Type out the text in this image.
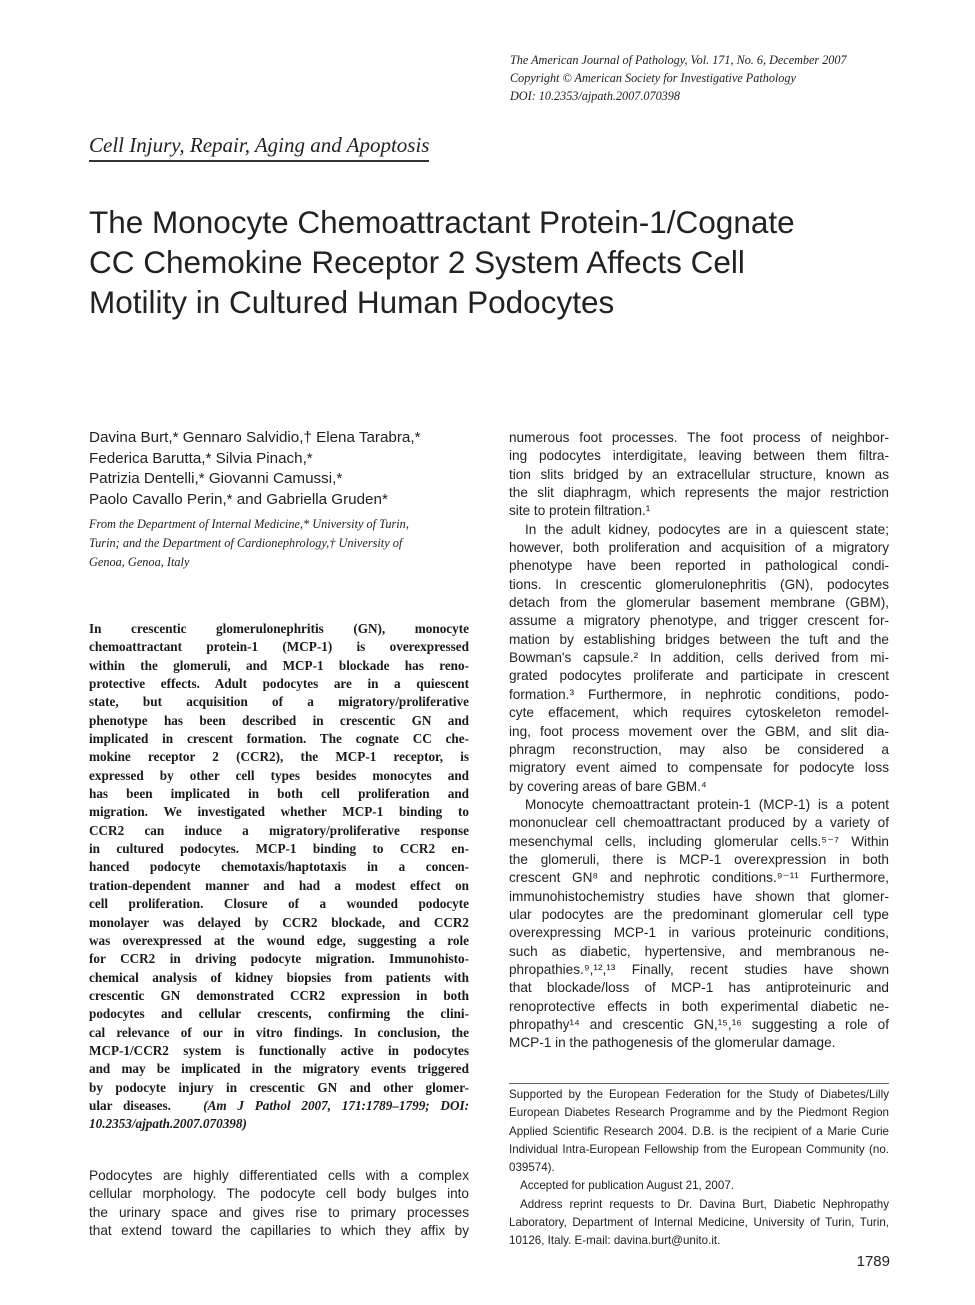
The American Journal of Pathology, Vol. 171, No. 6, December 2007
Copyright © American Society for Investigative Pathology
DOI: 10.2353/ajpath.2007.070398
Cell Injury, Repair, Aging and Apoptosis
The Monocyte Chemoattractant Protein-1/Cognate
CC Chemokine Receptor 2 System Affects Cell
Motility in Cultured Human Podocytes
Davina Burt,* Gennaro Salvidio,† Elena Tarabra,*
Federica Barutta,* Silvia Pinach,*
Patrizia Dentelli,* Giovanni Camussi,*
Paolo Cavallo Perin,* and Gabriella Gruden*
From the Department of Internal Medicine,* University of Turin,
Turin; and the Department of Cardionephrology,† University of
Genoa, Genoa, Italy
In crescentic glomerulonephritis (GN), monocyte
chemoattractant protein-1 (MCP-1) is overexpressed
within the glomeruli, and MCP-1 blockade has reno-
protective effects. Adult podocytes are in a quiescent
state, but acquisition of a migratory/proliferative
phenotype has been described in crescentic GN and
implicated in crescent formation. The cognate CC che-
mokine receptor 2 (CCR2), the MCP-1 receptor, is
expressed by other cell types besides monocytes and
has been implicated in both cell proliferation and
migration. We investigated whether MCP-1 binding to
CCR2 can induce a migratory/proliferative response
in cultured podocytes. MCP-1 binding to CCR2 en-
hanced podocyte chemotaxis/haptotaxis in a concen-
tration-dependent manner and had a modest effect on
cell proliferation. Closure of a wounded podocyte
monolayer was delayed by CCR2 blockade, and CCR2
was overexpressed at the wound edge, suggesting a role
for CCR2 in driving podocyte migration. Immunohisto-
chemical analysis of kidney biopsies from patients with
crescentic GN demonstrated CCR2 expression in both
podocytes and cellular crescents, confirming the clini-
cal relevance of our in vitro findings. In conclusion, the
MCP-1/CCR2 system is functionally active in podocytes
and may be implicated in the migratory events triggered
by podocyte injury in crescentic GN and other glomer-
ular diseases. (Am J Pathol 2007, 171:1789–1799; DOI:
10.2353/ajpath.2007.070398)
Podocytes are highly differentiated cells with a complex
cellular morphology. The podocyte cell body bulges into
the urinary space and gives rise to primary processes
that extend toward the capillaries to which they affix by
numerous foot processes. The foot process of neighbor-
ing podocytes interdigitate, leaving between them filtra-
tion slits bridged by an extracellular structure, known as
the slit diaphragm, which represents the major restriction
site to protein filtration.¹
In the adult kidney, podocytes are in a quiescent state;
however, both proliferation and acquisition of a migratory
phenotype have been reported in pathological condi-
tions. In crescentic glomerulonephritis (GN), podocytes
detach from the glomerular basement membrane (GBM),
assume a migratory phenotype, and trigger crescent for-
mation by establishing bridges between the tuft and the
Bowman's capsule.² In addition, cells derived from mi-
grated podocytes proliferate and participate in crescent
formation.³ Furthermore, in nephrotic conditions, podo-
cyte effacement, which requires cytoskeleton remodel-
ing, foot process movement over the GBM, and slit dia-
phragm reconstruction, may also be considered a
migratory event aimed to compensate for podocyte loss
by covering areas of bare GBM.⁴
Monocyte chemoattractant protein-1 (MCP-1) is a potent
mononuclear cell chemoattractant produced by a variety of
mesenchymal cells, including glomerular cells.⁵⁻⁷ Within
the glomeruli, there is MCP-1 overexpression in both
crescent GN⁸ and nephrotic conditions.⁹⁻¹¹ Furthermore,
immunohistochemistry studies have shown that glomer-
ular podocytes are the predominant glomerular cell type
overexpressing MCP-1 in various proteinuric conditions,
such as diabetic, hypertensive, and membranous ne-
phropathies.⁹,¹²,¹³ Finally, recent studies have shown
that blockade/loss of MCP-1 has antiproteinuric and
renoprotective effects in both experimental diabetic ne-
phropathy¹⁴ and crescentic GN,¹⁵,¹⁶ suggesting a role of
MCP-1 in the pathogenesis of the glomerular damage.
Supported by the European Federation for the Study of Diabetes/Lilly
European Diabetes Research Programme and by the Piedmont Region
Applied Scientific Research 2004. D.B. is the recipient of a Marie Curie
Individual Intra-European Fellowship from the European Community (no.
039574).
Accepted for publication August 21, 2007.
Address reprint requests to Dr. Davina Burt, Diabetic Nephropathy
Laboratory, Department of Internal Medicine, University of Turin, Turin,
10126, Italy. E-mail: davina.burt@unito.it.
1789
